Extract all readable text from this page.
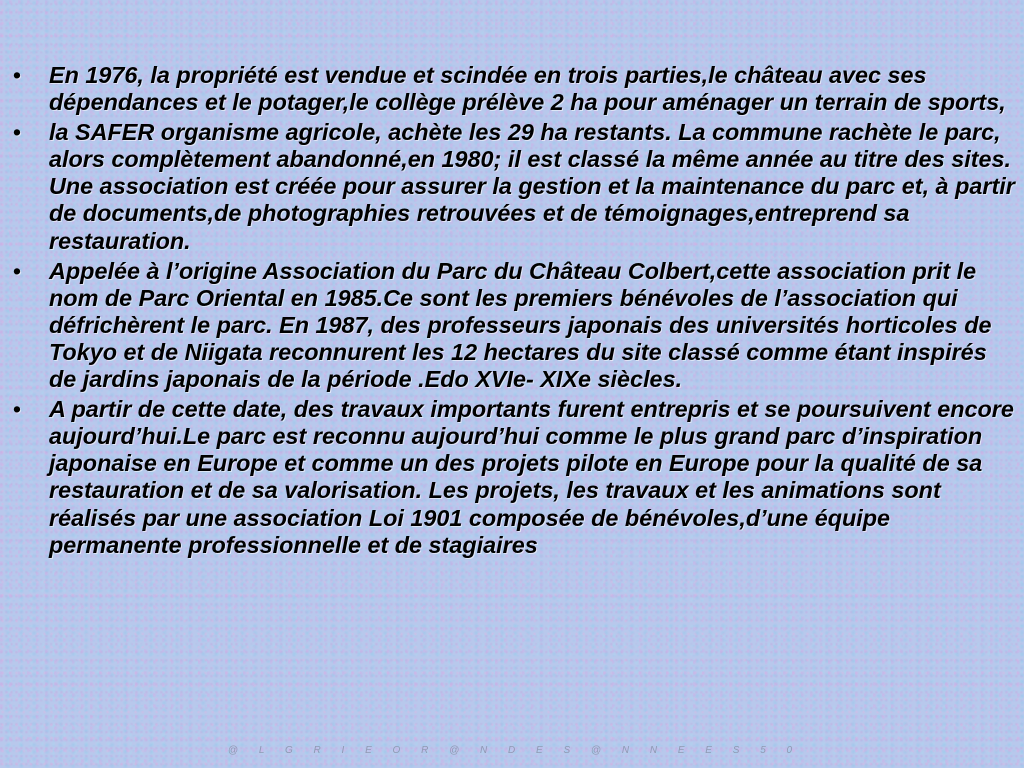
• En 1976, la propriété est vendue et scindée en trois parties,le château avec ses dépendances et le potager,le collège prélève 2 ha pour aménager un terrain de sports,
• la SAFER organisme agricole, achète les 29 ha restants. La commune rachète le parc, alors complètement abandonné,en 1980; il est classé la même année au titre des sites. Une association est créée pour assurer la gestion et la maintenance du parc et, à partir de documents,de photographies retrouvées et de témoignages,entreprend sa restauration.
• Appelée à l’origine Association du Parc du Château Colbert,cette association prit le nom de Parc Oriental en 1985.Ce sont les premiers bénévoles de l’association qui défrichèrent le parc. En 1987, des professeurs japonais des universités horticoles de Tokyo et de Niigata reconnurent les 12 hectares du site classé comme étant inspirés de jardins japonais de la période .Edo XVIe- XIXe siècles.
• A partir de cette date, des travaux importants furent entrepris et se poursuivent encore aujourd’hui.Le parc est reconnu aujourd’hui comme le plus grand parc d’inspiration japonaise en Europe et comme un des projets pilote en Europe pour la qualité de sa restauration et de sa valorisation. Les projets, les travaux et les animations sont réalisés par une association Loi 1901 composée de bénévoles,d’une équipe permanente professionnelle et de stagiaires
@ L G R I E O R @ N D E S @ N N E E S 5 0
